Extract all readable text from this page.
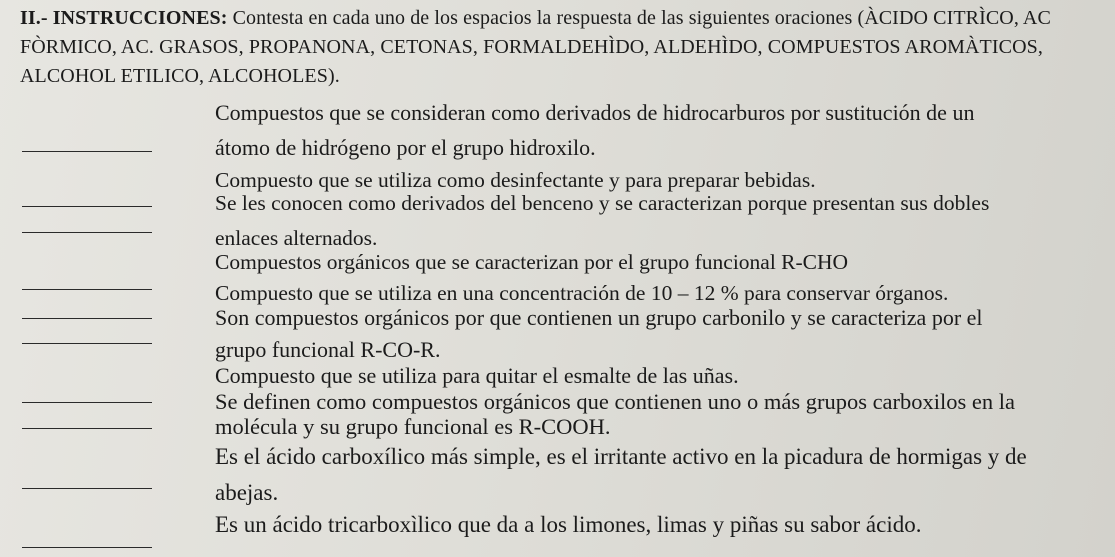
II.- INSTRUCCIONES: Contesta en cada uno de los espacios la respuesta de las siguientes oraciones (ÀCIDO CITRÌCO, AC FÒRMICO, AC. GRASOS, PROPANONA, CETONAS, FORMALDEHÌDO, ALDEHÌDO, COMPUESTOS AROMÀTICOS, ALCOHOL ETILICO, ALCOHOLES).
Compuestos que se consideran como derivados de hidrocarburos por sustitución de un
átomo de hidrógeno por el grupo hidroxilo.
Compuesto que se utiliza como desinfectante y para preparar bebidas.
Se les conocen como derivados del benceno y se caracterizan porque presentan sus dobles
enlaces alternados.
Compuestos orgánicos que se caracterizan por el grupo funcional R-CHO
Compuesto que se utiliza en una concentración de 10 – 12 % para conservar órganos.
Son compuestos orgánicos por que contienen un grupo carbonilo y se caracteriza por el
grupo funcional R-CO-R.
Compuesto que se utiliza para quitar el esmalte de las uñas.
Se definen como compuestos orgánicos que contienen uno o más grupos carboxilos en la
molécula y su grupo funcional es R-COOH.
Es el ácido carboxílico más simple, es el irritante activo en la picadura de hormigas y de
abejas.
Es un ácido tricarboxìlico que da a los limones, limas y piñas su sabor ácido.
